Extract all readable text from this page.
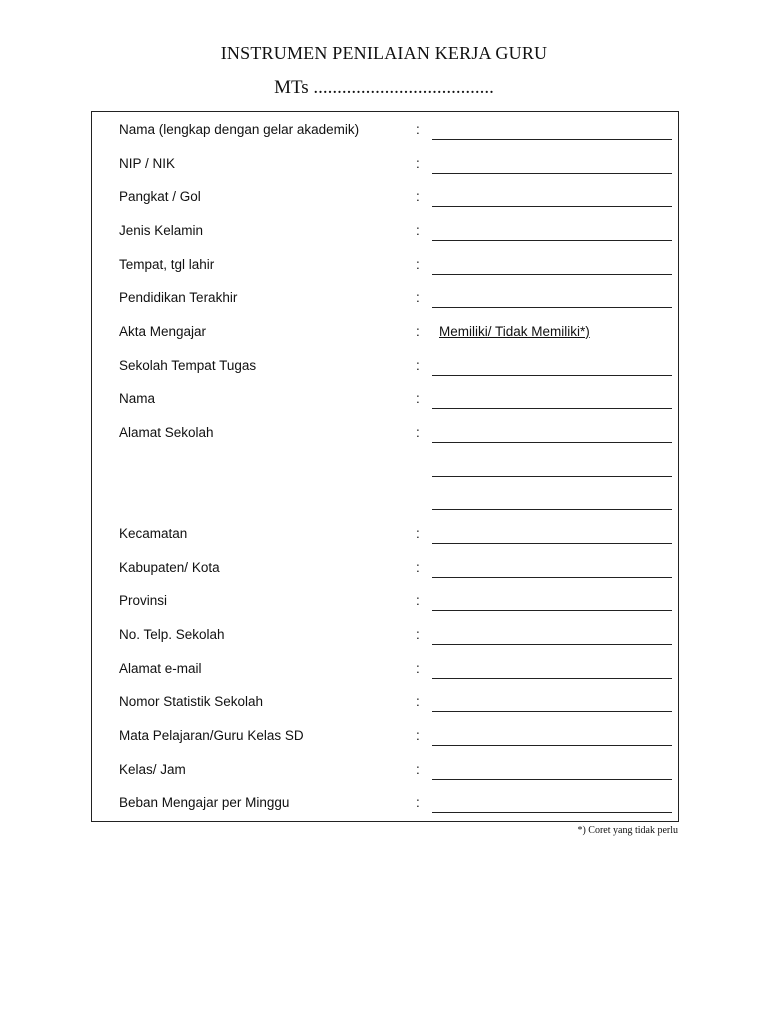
INSTRUMEN PENILAIAN KERJA GURU
MTs ......................................
Nama (lengkap dengan gelar akademik)	:
NIP / NIK	:
Pangkat / Gol	:
Jenis Kelamin	:
Tempat, tgl lahir	:
Pendidikan Terakhir	:
Akta Mengajar	: Memiliki/ Tidak Memiliki*)
Sekolah Tempat Tugas	:
Nama	:
Alamat Sekolah	:
Kecamatan	:
Kabupaten/ Kota	:
Provinsi	:
No. Telp. Sekolah	:
Alamat e-mail	:
Nomor Statistik Sekolah	:
Mata Pelajaran/Guru Kelas SD	:
Kelas/ Jam	:
Beban Mengajar per Minggu	:
*) Coret yang tidak perlu
